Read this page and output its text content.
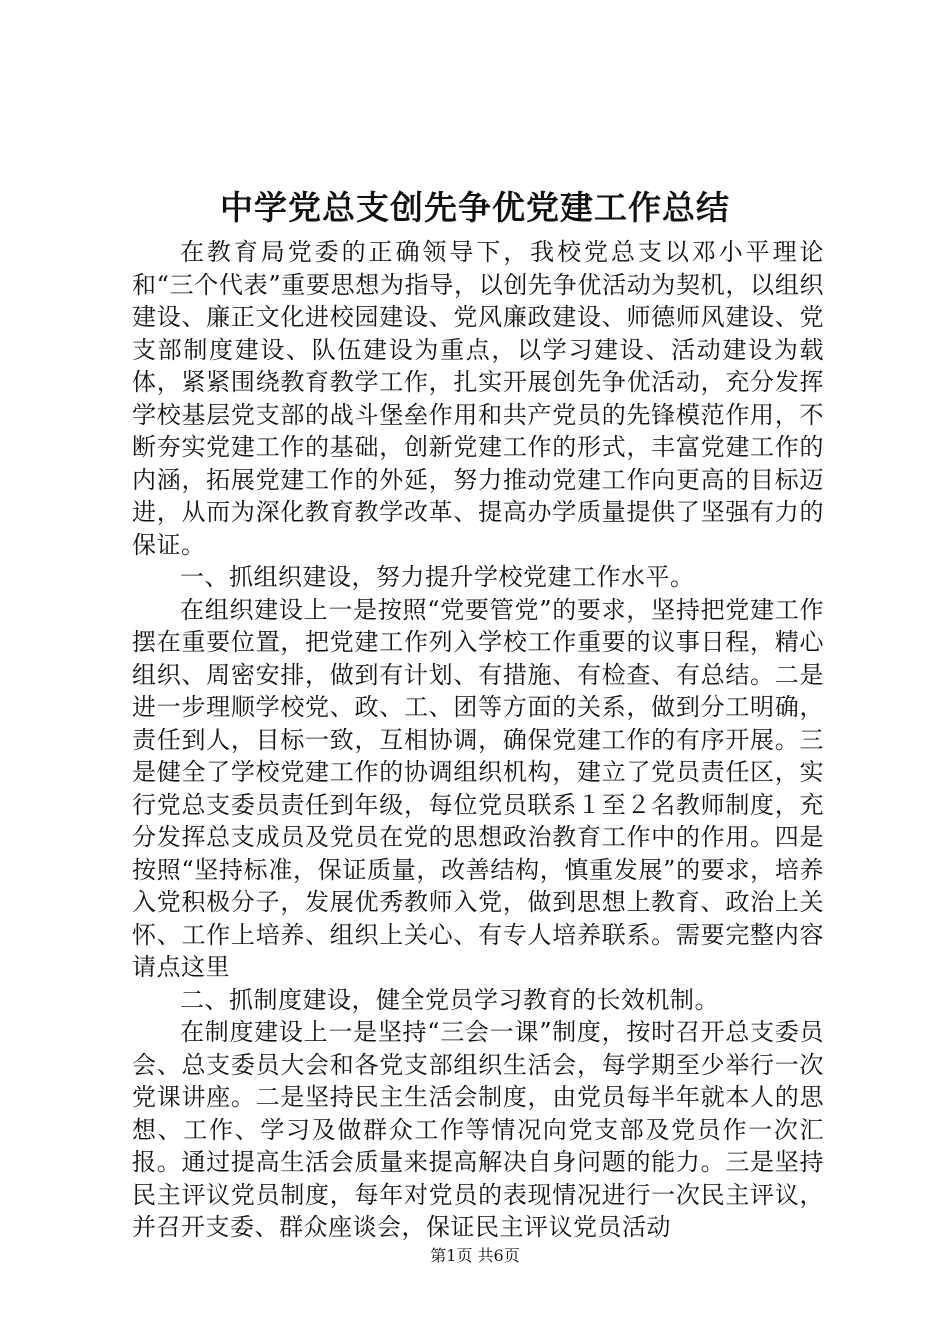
中学党总支创先争优党建工作总结

在教育局党委的正确领导下，我校党总支以邓小平理论和“三个代表”重要思想为指导，以创先争优活动为契机，以组织建设、廉正文化进校园建设、党风廉政建设、师德师风建设、党支部制度建设、队伍建设为重点，以学习建设、活动建设为载体，紧紧围绕教育教学工作，扎实开展创先争优活动，充分发挥学校基层党支部的战斗堡垒作用和共产党员的先锋模范作用，不断夯实党建工作的基础，创新党建工作的形式，丰富党建工作的内涵，拓展党建工作的外延，努力推动党建工作向更高的目标迈进，从而为深化教育教学改革、提高办学质量提供了坚强有力的保证。

一、抓组织建设，努力提升学校党建工作水平。

在组织建设上一是按照“党要管党”的要求，坚持把党建工作摆在重要位置，把党建工作列入学校工作重要的议事日程，精心组织、周密安排，做到有计划、有措施、有检查、有总结。二是进一步理顺学校党、政、工、团等方面的关系，做到分工明确，责任到人，目标一致，互相协调，确保党建工作的有序开展。三是健全了学校党建工作的协调组织机构，建立了党员责任区，实行党总支委员责任到年级，每位党员联系１至２名教师制度，充分发挥总支成员及党员在党的思想政治教育工作中的作用。四是按照“坚持标准，保证质量，改善结构，慎重发展”的要求，培养入党积极分子，发展优秀教师入党，做到思想上教育、政治上关怀、工作上培养、组织上关心、有专人培养联系。需要完整内容请点这里

二、抓制度建设，健全党员学习教育的长效机制。

在制度建设上一是坚持“三会一课”制度，按时召开总支委员会、总支委员大会和各党支部组织生活会，每学期至少举行一次党课讲座。二是坚持民主生活会制度，由党员每半年就本人的思想、工作、学习及做群众工作等情况向党支部及党员作一次汇报。通过提高生活会质量来提高解决自身问题的能力。三是坚持民主评议党员制度，每年对党员的表现情况进行一次民主评议，并召开支委、群众座谈会，保证民主评议党员活动

第1页 共6页
